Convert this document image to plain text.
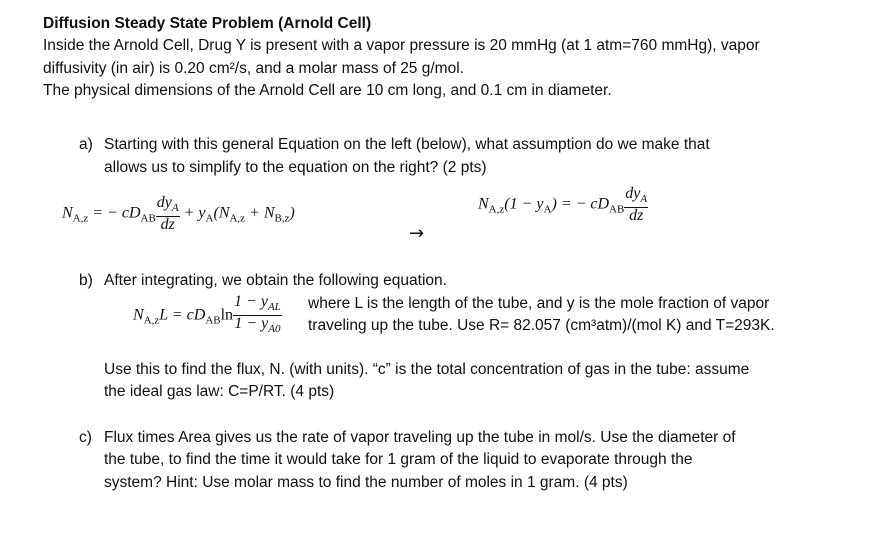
Diffusion Steady State Problem (Arnold Cell)
Inside the Arnold Cell, Drug Y is present with a vapor pressure is 20 mmHg (at 1 atm=760 mmHg), vapor
diffusivity (in air) is 0.20 cm²/s, and a molar mass of 25 g/mol.
The physical dimensions of the Arnold Cell are 10 cm long, and 0.1 cm in diameter.
a) Starting with this general Equation on the left (below), what assumption do we make that
allows us to simplify to the equation on the right? (2 pts)
$N_{A,z}$ = − $cD_{AB} \frac{dy_A}{dz} + y_A(N_{A,z} + N_{B,z})$
$N_{A,z}(1 - y_A)$ = − $cD_{AB} \frac{dy_A}{dz}$
→
b) After integrating, we obtain the following equation.
$N_{A,z}L = cD_{AB}\ln \frac{1 - y_{AL}}{1 - y_{A0}}$ where L is the length of the tube, and y is the mole fraction of vapor
traveling up the tube. Use R= 82.057 (cm³atm)/(mol K) and T=293K.
Use this to find the flux, N. (with units). “c” is the total concentration of gas in the tube: assume
the ideal gas law: C=P/RT. (4 pts)
c) Flux times Area gives us the rate of vapor traveling up the tube in mol/s. Use the diameter of
the tube, to find the time it would take for 1 gram of the liquid to evaporate through the
system? Hint: Use molar mass to find the number of moles in 1 gram. (4 pts)
